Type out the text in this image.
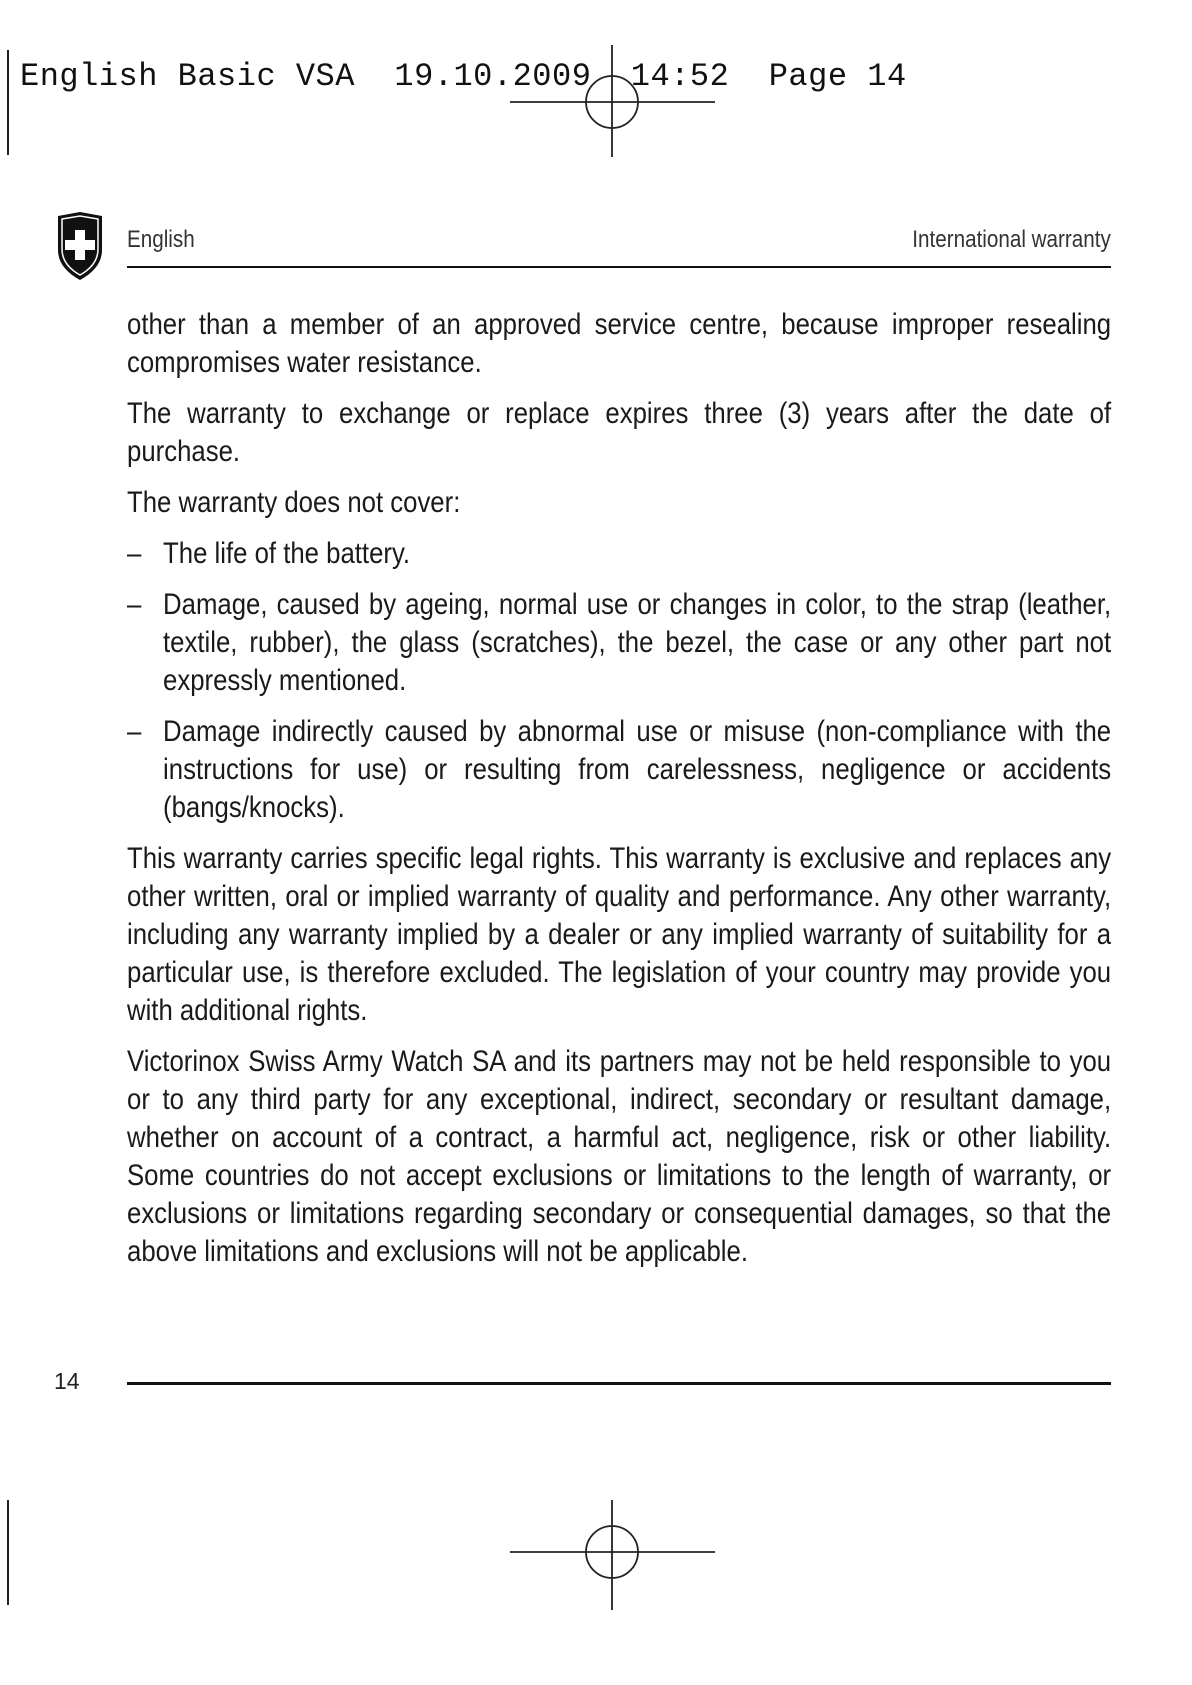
English Basic VSA  19.10.2009  14:52  Page 14
English	International warranty

other than a member of an approved service centre, because improper resealing compromises water resistance.

The warranty to exchange or replace expires three (3) years after the date of purchase.

The warranty does not cover:

– The life of the battery.
– Damage, caused by ageing, normal use or changes in color, to the strap (leather, textile, rubber), the glass (scratches), the bezel, the case or any other part not expressly mentioned.
– Damage indirectly caused by abnormal use or misuse (non-compliance with the instructions for use) or resulting from carelessness, negligence or accidents (bangs/knocks).

This warranty carries specific legal rights. This warranty is exclusive and replaces any other written, oral or implied warranty of quality and performance. Any other warranty, including any warranty implied by a dealer or any implied warranty of suitability for a particular use, is therefore excluded. The legislation of your country may provide you with additional rights.

Victorinox Swiss Army Watch SA and its partners may not be held responsible to you or to any third party for any exceptional, indirect, secondary or resultant damage, whether on account of a contract, a harmful act, negligence, risk or other liability. Some countries do not accept exclusions or limitations to the length of warranty, or exclusions or limitations regarding secondary or consequential damages, so that the above limitations and exclusions will not be applicable.

14
